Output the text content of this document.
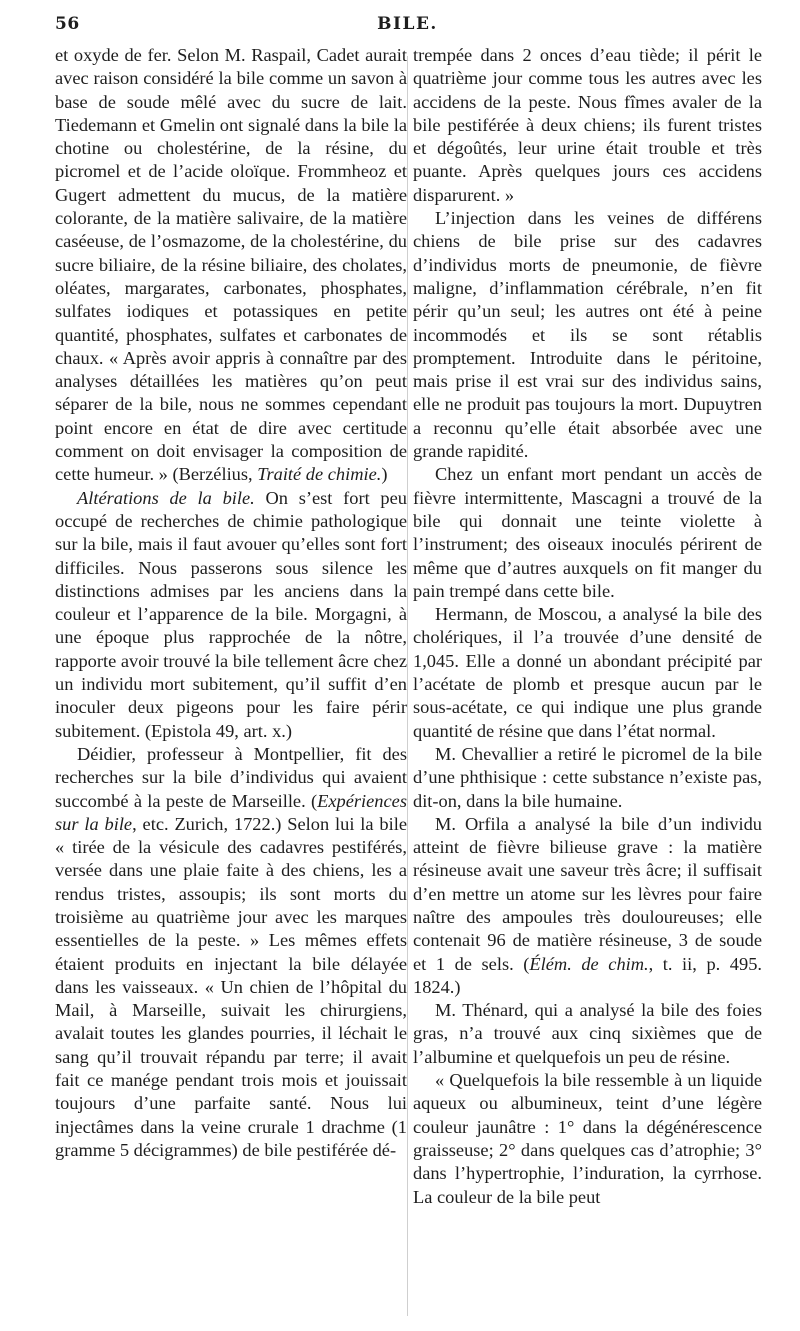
56	BILE.

et oxyde de fer. Selon M. Raspail, Cadet aurait avec raison considéré la bile comme un savon à base de soude mêlé avec du sucre de lait. Tiedemann et Gmelin ont signalé dans la bile la chotine ou cholestérine, de la résine, du picromel et de l’acide oloïque. Frommheoz et Gugert admettent du mucus, de la matière colorante, de la matière salivaire, de la matière caséeuse, de l’osmazome, de la cholestérine, du sucre biliaire, de la résine biliaire, des cholates, oléates, margarates, carbonates, phosphates, sulfates iodiques et potassiques en petite quantité, phosphates, sulfates et carbonates de chaux. « Après avoir appris à connaître par des analyses détaillées les matières qu’on peut séparer de la bile, nous ne sommes cependant point encore en état de dire avec certitude comment on doit envisager la composition de cette humeur. » (Berzélius, Traité de chimie.)

Altérations de la bile. On s’est fort peu occupé de recherches de chimie pathologique sur la bile, mais il faut avouer qu’elles sont fort difficiles. Nous passerons sous silence les distinctions admises par les anciens dans la couleur et l’apparence de la bile. Morgagni, à une époque plus rapprochée de la nôtre, rapporte avoir trouvé la bile tellement âcre chez un individu mort subitement, qu’il suffit d’en inoculer deux pigeons pour les faire périr subitement. (Epistola 49, art. x.)

Déidier, professeur à Montpellier, fit des recherches sur la bile d’individus qui avaient succombé à la peste de Marseille. (Expériences sur la bile, etc. Zurich, 1722.) Selon lui la bile « tirée de la vésicule des cadavres pestiférés, versée dans une plaie faite à des chiens, les a rendus tristes, assoupis; ils sont morts du troisième au quatrième jour avec les marques essentielles de la peste. » Les mêmes effets étaient produits en injectant la bile délayée dans les vaisseaux. « Un chien de l’hôpital du Mail, à Marseille, suivait les chirurgiens, avalait toutes les glandes pourries, il léchait le sang qu’il trouvait répandu par terre; il avait fait ce manége pendant trois mois et jouissait toujours d’une parfaite santé. Nous lui injectâmes dans la veine crurale 1 drachme (1 gramme 5 décigrammes) de bile pestiférée dé-

trempée dans 2 onces d’eau tiède; il périt le quatrième jour comme tous les autres avec les accidens de la peste. Nous fîmes avaler de la bile pestiférée à deux chiens; ils furent tristes et dégoûtés, leur urine était trouble et très puante. Après quelques jours ces accidens disparurent. »

L’injection dans les veines de différens chiens de bile prise sur des cadavres d’individus morts de pneumonie, de fièvre maligne, d’inflammation cérébrale, n’en fit périr qu’un seul; les autres ont été à peine incommodés et ils se sont rétablis promptement. Introduite dans le péritoine, mais prise il est vrai sur des individus sains, elle ne produit pas toujours la mort. Dupuytren a reconnu qu’elle était absorbée avec une grande rapidité.

Chez un enfant mort pendant un accès de fièvre intermittente, Mascagni a trouvé de la bile qui donnait une teinte violette à l’instrument; des oiseaux inoculés périrent de même que d’autres auxquels on fit manger du pain trempé dans cette bile.

Hermann, de Moscou, a analysé la bile des cholériques, il l’a trouvée d’une densité de 1,045. Elle a donné un abondant précipité par l’acétate de plomb et presque aucun par le sous-acétate, ce qui indique une plus grande quantité de résine que dans l’état normal.

M. Chevallier a retiré le picromel de la bile d’une phthisique : cette substance n’existe pas, dit-on, dans la bile humaine.

M. Orfila a analysé la bile d’un individu atteint de fièvre bilieuse grave : la matière résineuse avait une saveur très âcre; il suffisait d’en mettre un atome sur les lèvres pour faire naître des ampoules très douloureuses; elle contenait 96 de matière résineuse, 3 de soude et 1 de sels. (Élém. de chim., t. ii, p. 495. 1824.)

M. Thénard, qui a analysé la bile des foies gras, n’a trouvé aux cinq sixièmes que de l’albumine et quelquefois un peu de résine.

« Quelquefois la bile ressemble à un liquide aqueux ou albumineux, teint d’une légère couleur jaunâtre : 1° dans la dégénérescence graisseuse; 2° dans quelques cas d’atrophie; 3° dans l’hypertrophie, l’induration, la cyrrhose. La couleur de la bile peut
